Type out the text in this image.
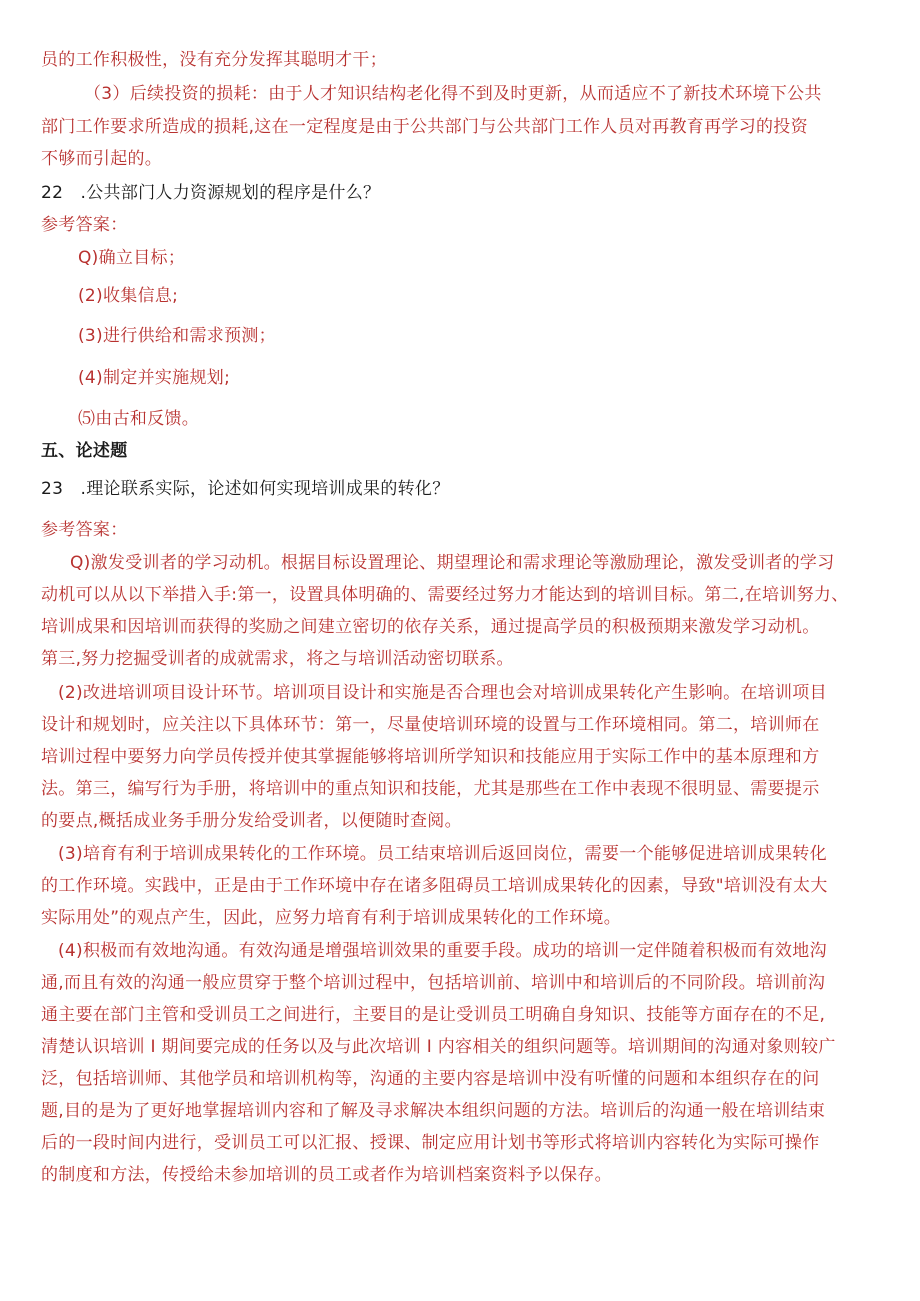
员的工作积极性，没有充分发挥其聪明才干；
（3）后续投资的损耗：由于人才知识结构老化得不到及时更新，从而适应不了新技术环境下公共
部门工作要求所造成的损耗,这在一定程度是由于公共部门与公共部门工作人员对再教育再学习的投资
不够而引起的。
22　.公共部门人力资源规划的程序是什么？
参考答案：
Q)确立目标；
(2)收集信息;
(3)进行供给和需求预测；
(4)制定并实施规划;
⑸由古和反馈。
五、论述题
23　.理论联系实际，论述如何实现培训成果的转化？
参考答案：
Q)激发受训者的学习动机。根据目标设置理论、期望理论和需求理论等激励理论，激发受训者的学习
动机可以从以下举措入手:第一，设置具体明确的、需要经过努力才能达到的培训目标。第二,在培训努力、
培训成果和因培训而获得的奖励之间建立密切的依存关系，通过提高学员的积极预期来激发学习动机。
第三,努力挖掘受训者的成就需求，将之与培训活动密切联系。
(2)改进培训项目设计环节。培训项目设计和实施是否合理也会对培训成果转化产生影响。在培训项目
设计和规划时，应关注以下具体环节：第一，尽量使培训环境的设置与工作环境相同。第二，培训师在
培训过程中要努力向学员传授并使其掌握能够将培训所学知识和技能应用于实际工作中的基本原理和方
法。第三，编写行为手册，将培训中的重点知识和技能，尤其是那些在工作中表现不很明显、需要提示
的要点,概括成业务手册分发给受训者，以便随时查阅。
(3)培育有利于培训成果转化的工作环境。员工结束培训后返回岗位，需要一个能够促进培训成果转化
的工作环境。实践中，正是由于工作环境中存在诸多阻碍员工培训成果转化的因素，导致"培训没有太大
实际用处”的观点产生，因此，应努力培育有利于培训成果转化的工作环境。
(4)积极而有效地沟通。有效沟通是增强培训效果的重要手段。成功的培训一定伴随着积极而有效地沟
通,而且有效的沟通一般应贯穿于整个培训过程中，包括培训前、培训中和培训后的不同阶段。培训前沟
通主要在部门主管和受训员工之间进行，主要目的是让受训员工明确自身知识、技能等方面存在的不足,
清楚认识培训 I 期间要完成的任务以及与此次培训 I 内容相关的组织问题等。培训期间的沟通对象则较广
泛，包括培训师、其他学员和培训机构等，沟通的主要内容是培训中没有听懂的问题和本组织存在的问
题,目的是为了更好地掌握培训内容和了解及寻求解决本组织问题的方法。培训后的沟通一般在培训结束
后的一段时间内进行，受训员工可以汇报、授课、制定应用计划书等形式将培训内容转化为实际可操作
的制度和方法，传授给未参加培训的员工或者作为培训档案资料予以保存。
